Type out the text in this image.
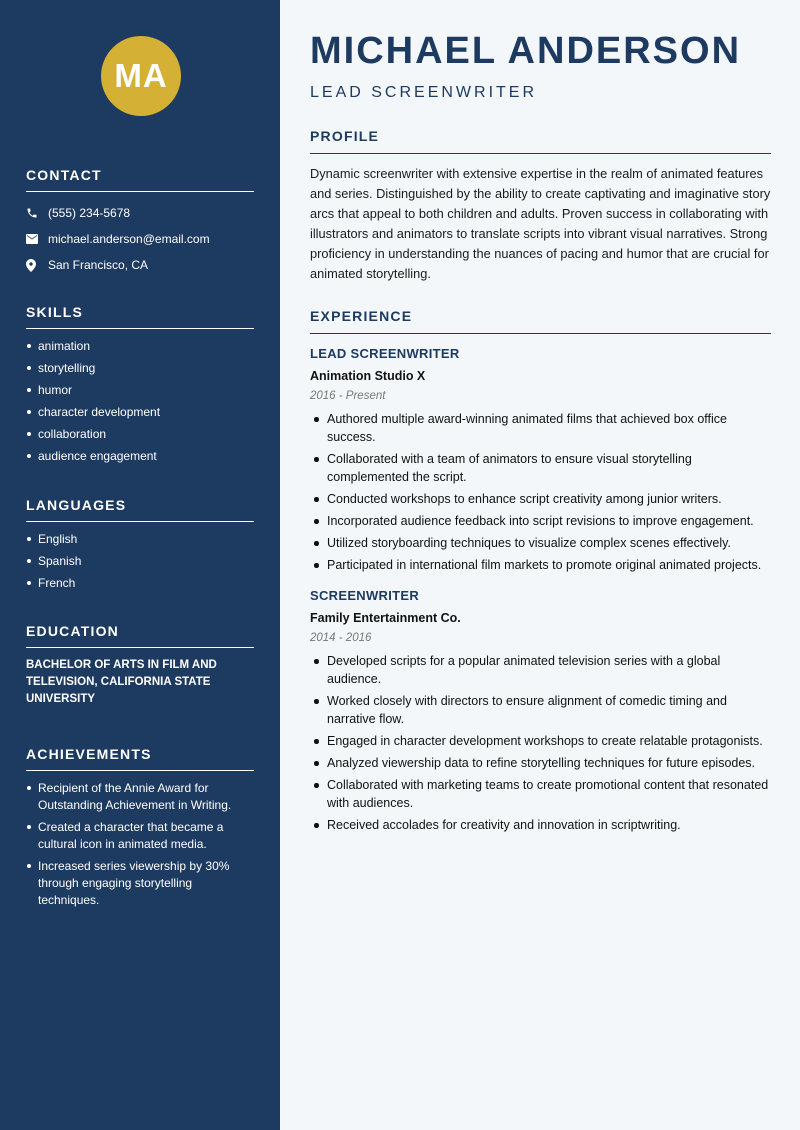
MA
CONTACT
(555) 234-5678
michael.anderson@email.com
San Francisco, CA
SKILLS
animation
storytelling
humor
character development
collaboration
audience engagement
LANGUAGES
English
Spanish
French
EDUCATION
BACHELOR OF ARTS IN FILM AND TELEVISION, CALIFORNIA STATE UNIVERSITY
ACHIEVEMENTS
Recipient of the Annie Award for Outstanding Achievement in Writing.
Created a character that became a cultural icon in animated media.
Increased series viewership by 30% through engaging storytelling techniques.
MICHAEL ANDERSON
LEAD SCREENWRITER
PROFILE

Dynamic screenwriter with extensive expertise in the realm of animated features and series. Distinguished by the ability to create captivating and imaginative story arcs that appeal to both children and adults. Proven success in collaborating with illustrators and animators to translate scripts into vibrant visual narratives. Strong proficiency in understanding the nuances of pacing and humor that are crucial for animated storytelling.

EXPERIENCE
LEAD SCREENWRITER
Animation Studio X
2016 - Present
Authored multiple award-winning animated films that achieved box office success.
Collaborated with a team of animators to ensure visual storytelling complemented the script.
Conducted workshops to enhance script creativity among junior writers.
Incorporated audience feedback into script revisions to improve engagement.
Utilized storyboarding techniques to visualize complex scenes effectively.
Participated in international film markets to promote original animated projects.
SCREENWRITER
Family Entertainment Co.
2014 - 2016
Developed scripts for a popular animated television series with a global audience.
Worked closely with directors to ensure alignment of comedic timing and narrative flow.
Engaged in character development workshops to create relatable protagonists.
Analyzed viewership data to refine storytelling techniques for future episodes.
Collaborated with marketing teams to create promotional content that resonated with audiences.
Received accolades for creativity and innovation in scriptwriting.
